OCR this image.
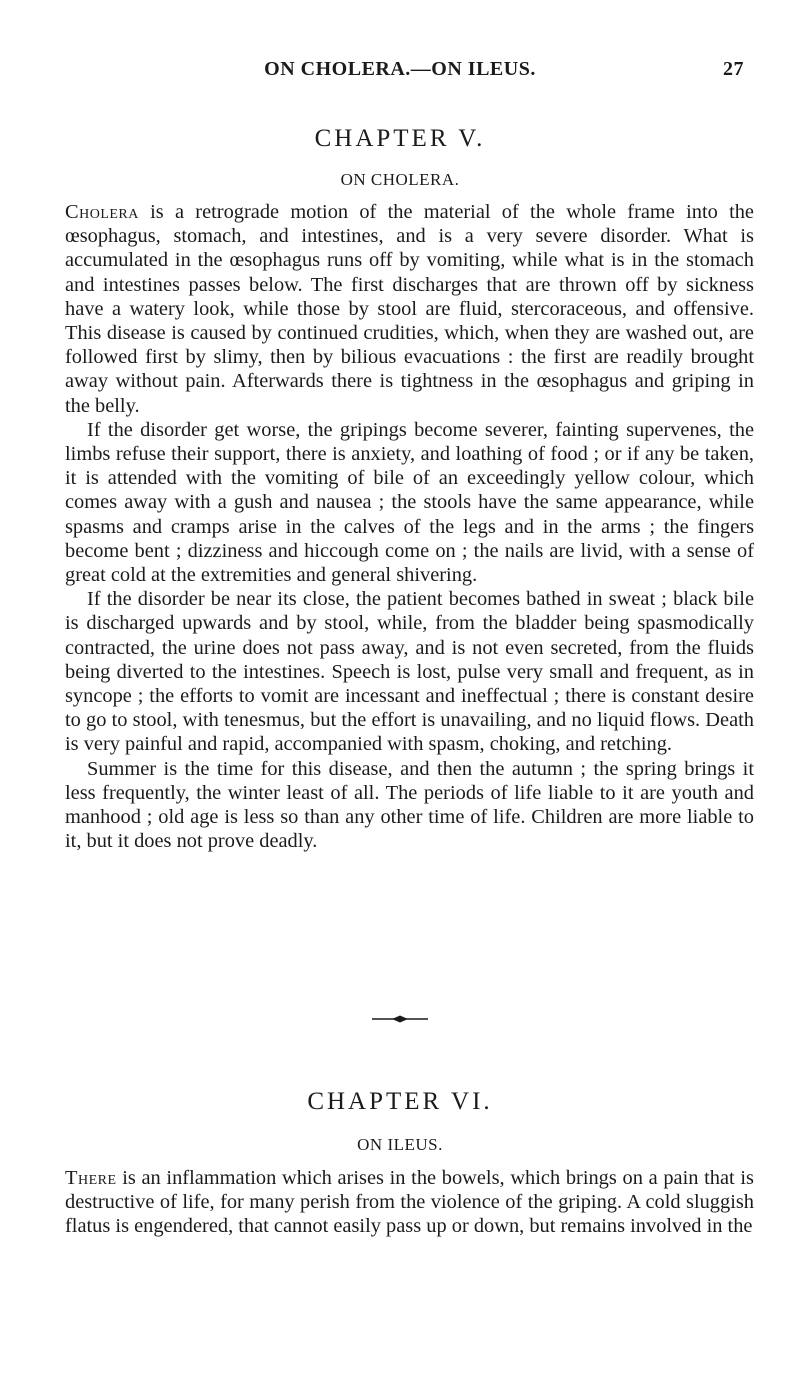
ON CHOLERA.—ON ILEUS.	27
CHAPTER V.
ON CHOLERA.

Cholera is a retrograde motion of the material of the whole frame into the œsophagus, stomach, and intestines, and is a very severe disorder. What is accumulated in the œsophagus runs off by vomiting, while what is in the stomach and intestines passes below. The first discharges that are thrown off by sickness have a watery look, while those by stool are fluid, stercoraceous, and offensive. This disease is caused by continued crudities, which, when they are washed out, are followed first by slimy, then by bilious evacuations : the first are readily brought away without pain. Afterwards there is tightness in the œsophagus and griping in the belly.

If the disorder get worse, the gripings become severer, fainting supervenes, the limbs refuse their support, there is anxiety, and loathing of food ; or if any be taken, it is attended with the vomiting of bile of an exceedingly yellow colour, which comes away with a gush and nausea ; the stools have the same appearance, while spasms and cramps arise in the calves of the legs and in the arms ; the fingers become bent ; dizziness and hiccough come on ; the nails are livid, with a sense of great cold at the extremities and general shivering.

If the disorder be near its close, the patient becomes bathed in sweat ; black bile is discharged upwards and by stool, while, from the bladder being spasmodically contracted, the urine does not pass away, and is not even secreted, from the fluids being diverted to the intestines. Speech is lost, pulse very small and frequent, as in syncope ; the efforts to vomit are incessant and ineffectual ; there is constant desire to go to stool, with tenesmus, but the effort is unavailing, and no liquid flows. Death is very painful and rapid, accompanied with spasm, choking, and retching.

Summer is the time for this disease, and then the autumn ; the spring brings it less frequently, the winter least of all. The periods of life liable to it are youth and manhood ; old age is less so than any other time of life. Children are more liable to it, but it does not prove deadly.

CHAPTER VI.
ON ILEUS.

There is an inflammation which arises in the bowels, which brings on a pain that is destructive of life, for many perish from the violence of the griping. A cold sluggish flatus is engendered, that cannot easily pass up or down, but remains involved in the
